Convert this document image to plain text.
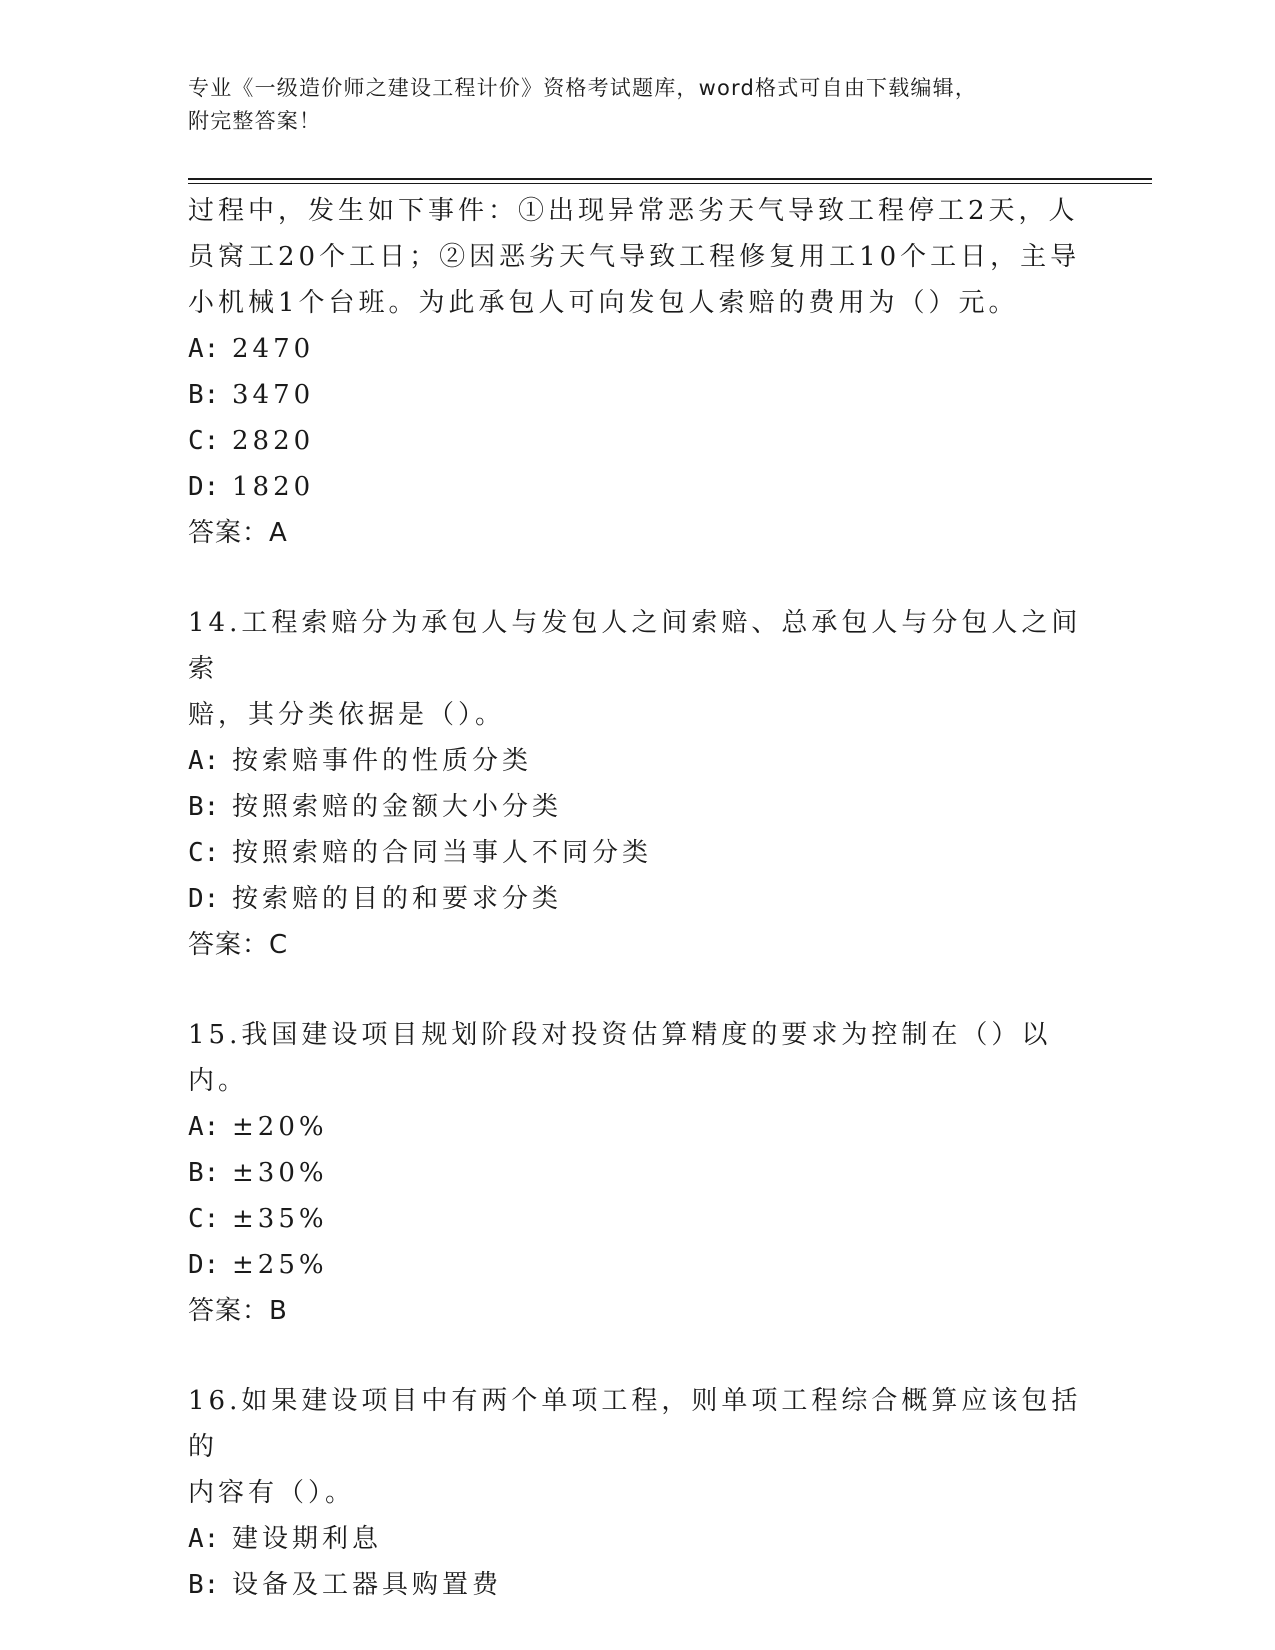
专业《一级造价师之建设工程计价》资格考试题库，word格式可自由下载编辑，
附完整答案！
过程中，发生如下事件：①出现异常恶劣天气导致工程停工2天，人
员窝工20个工日；②因恶劣天气导致工程修复用工10个工日，主导
小机械1个台班。为此承包人可向发包人索赔的费用为（）元。
A: 2470
B: 3470
C: 2820
D: 1820
答案：A
14.工程索赔分为承包人与发包人之间索赔、总承包人与分包人之间索
赔，其分类依据是（）。
A: 按索赔事件的性质分类
B: 按照索赔的金额大小分类
C: 按照索赔的合同当事人不同分类
D: 按索赔的目的和要求分类
答案：C
15.我国建设项目规划阶段对投资估算精度的要求为控制在（）以内。
A: ±20%
B: ±30%
C: ±35%
D: ±25%
答案：B
16.如果建设项目中有两个单项工程，则单项工程综合概算应该包括的
内容有（）。
A: 建设期利息
B: 设备及工器具购置费
